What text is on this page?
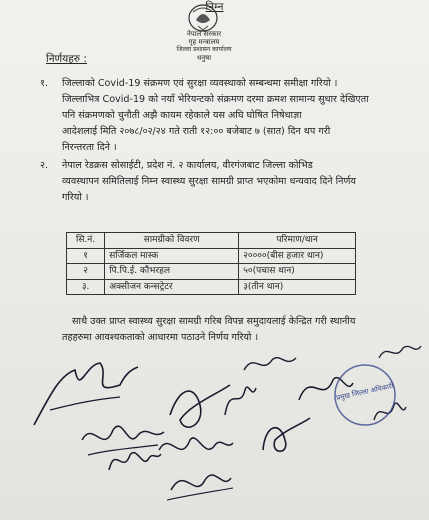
नेपाल सरकार
गृह मन्त्रालय
जिल्ला प्रशासन कार्यालय
धनुषा
निर्णयहरु :
१. जिल्लाको Covid-19 संक्रमण एवं सुरक्षा व्यवस्थाको सम्बन्धमा समीक्षा गरियो ।
जिल्लाभित्र Covid-19 को नयाँ भेरियन्टको संक्रमण दरमा क्रमश सामान्य सुधार देखिएता
पनि संक्रमणको चुनौती अझै कायम रहेकाले यस अघि घोषित निषेधाज्ञा
आदेशलाई मिति २०७८/०२/२४ गते राती १२:०० बजेबाट ७ (सात) दिन थप गरी
निरन्तरता दिने ।
२. नेपाल रेडक्रस सोसाईटी, प्रदेश नं. २ कार्यालय, वीरगंजबाट जिल्ला कोभिड
व्यवस्थापन समितिलाई निम्न स्वास्थ्य सुरक्षा सामग्री प्राप्त भएकोमा धन्यवाद दिने निर्णय
गरियो ।
निम्न
सि.नं.	सामग्रीको विवरण	परिमाण/थान
१	सर्जिकल मास्क	२००००(बीस हजार थान)
२	पि.पि.ई. कौभरहल	५०(पचास थान)
३.	अक्सीजन कन्सट्रेटर	३(तीन थान)
साथै उक्त प्राप्त स्वास्थ्य सुरक्षा सामग्री गरिब विपन्न समुदायलाई केन्द्रित गरी स्थानीय
तहहरुमा आवश्यकताको आधारमा पठाउने निर्णय गरियो ।
प्रमुख जिल्ला अधिकारी
